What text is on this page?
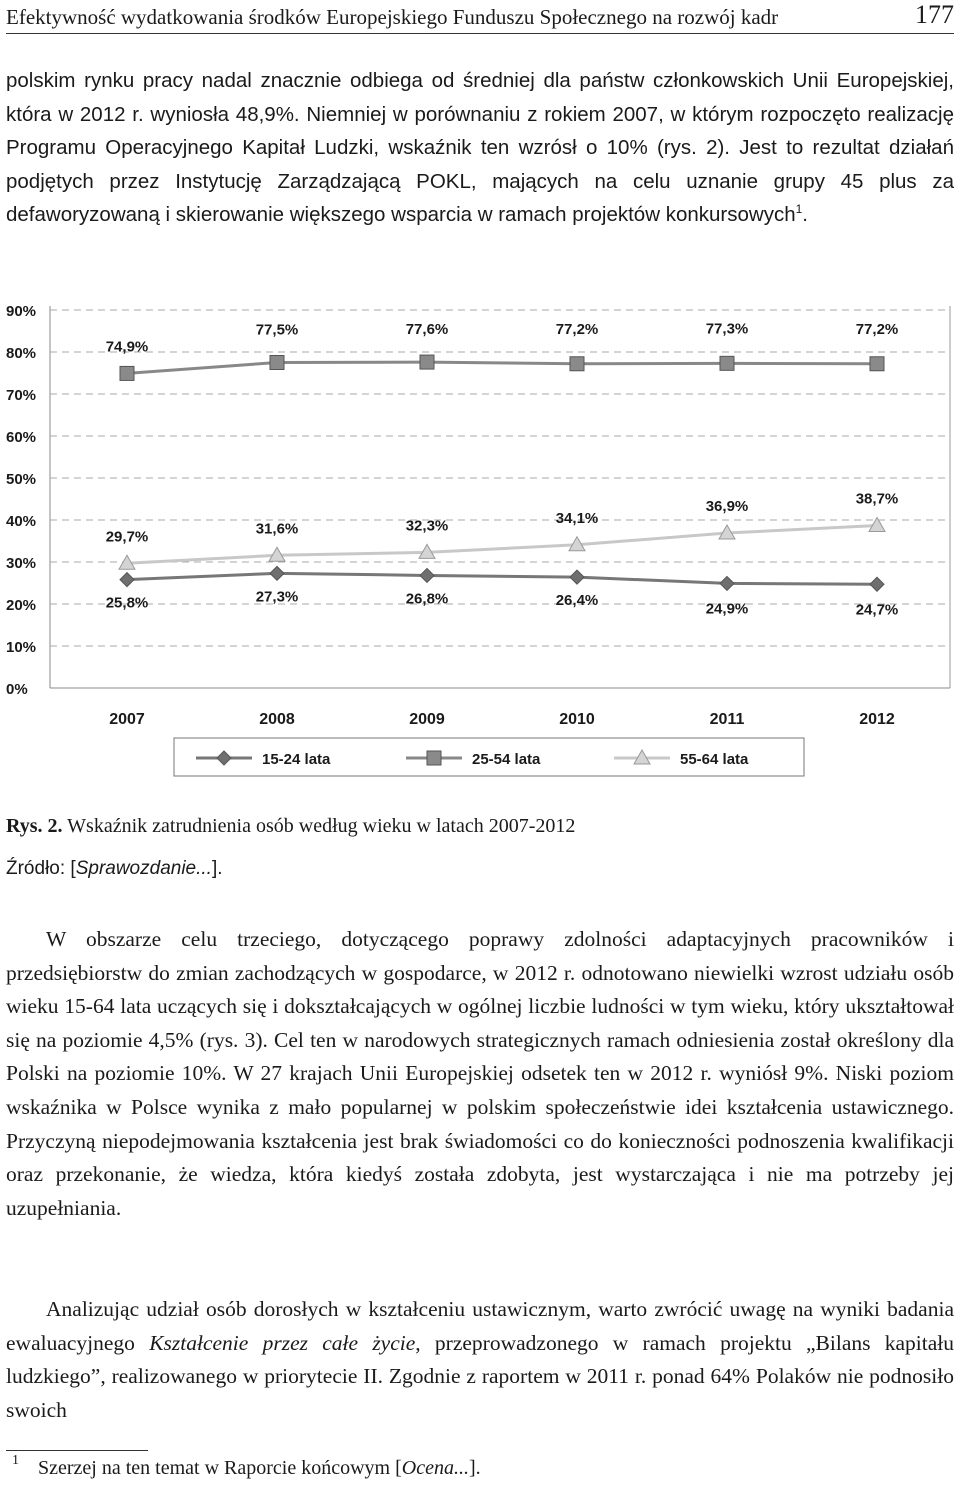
Efektywność wydatkowania środków Europejskiego Funduszu Społecznego na rozwój kadr	177

polskim rynku pracy nadal znacznie odbiega od średniej dla państw członkowskich Unii Europejskiej, która w 2012 r. wyniosła 48,9%. Niemniej w porównaniu z rokiem 2007, w którym rozpoczęto realizację Programu Operacyjnego Kapitał Ludzki, wskaźnik ten wzrósł o 10% (rys. 2). Jest to rezultat działań podjętych przez Instytucję Zarządzającą POKL, mających na celu uznanie grupy 45 plus za defaworyzowaną i skierowanie większego wsparcia w ramach projektów konkursowych$^1$.

0%
10%
20%
30%
40%
50%
60%
70%
80%
90%
2007	2008	2009	2010	2011	2012
25,8%	27,3%	26,8%	26,4%	24,9%	24,7%
74,9%
77,5%	77,6%	77,2%	77,3%	77,2%
29,7%	31,6%	32,3%	34,1%
36,9%	38,7%
15-24 lata	25-54 lata	55-64 lata

Rys. 2. Wskaźnik zatrudnienia osób według wieku w latach 2007-2012

Źródło: [Sprawozdanie...].

W obszarze celu trzeciego, dotyczącego poprawy zdolności adaptacyjnych pracowników i przedsiębiorstw do zmian zachodzących w gospodarce, w 2012 r. odnotowano niewielki wzrost udziału osób wieku 15-64 lata uczących się i dokształcających w ogólnej liczbie ludności w tym wieku, który ukształtował się na poziomie 4,5% (rys. 3). Cel ten w narodowych strategicznych ramach odniesienia został określony dla Polski na poziomie 10%. W 27 krajach Unii Europejskiej odsetek ten w 2012 r. wyniósł 9%. Niski poziom wskaźnika w Polsce wynika z mało popularnej w polskim społeczeństwie idei kształcenia ustawicznego. Przyczyną niepodejmowania kształcenia jest brak świadomości co do konieczności podnoszenia kwalifikacji oraz przekonanie, że wiedza, która kiedyś została zdobyta, jest wystarczająca i nie ma potrzeby jej uzupełniania.

Analizując udział osób dorosłych w kształceniu ustawicznym, warto zwrócić uwagę na wyniki badania ewaluacyjnego Kształcenie przez całe życie, przeprowadzonego w ramach projektu „Bilans kapitału ludzkiego”, realizowanego w priorytecie II. Zgodnie z raportem w 2011 r. ponad 64% Polaków nie podnosiło swoich

1 Szerzej na ten temat w Raporcie końcowym [Ocena...].
